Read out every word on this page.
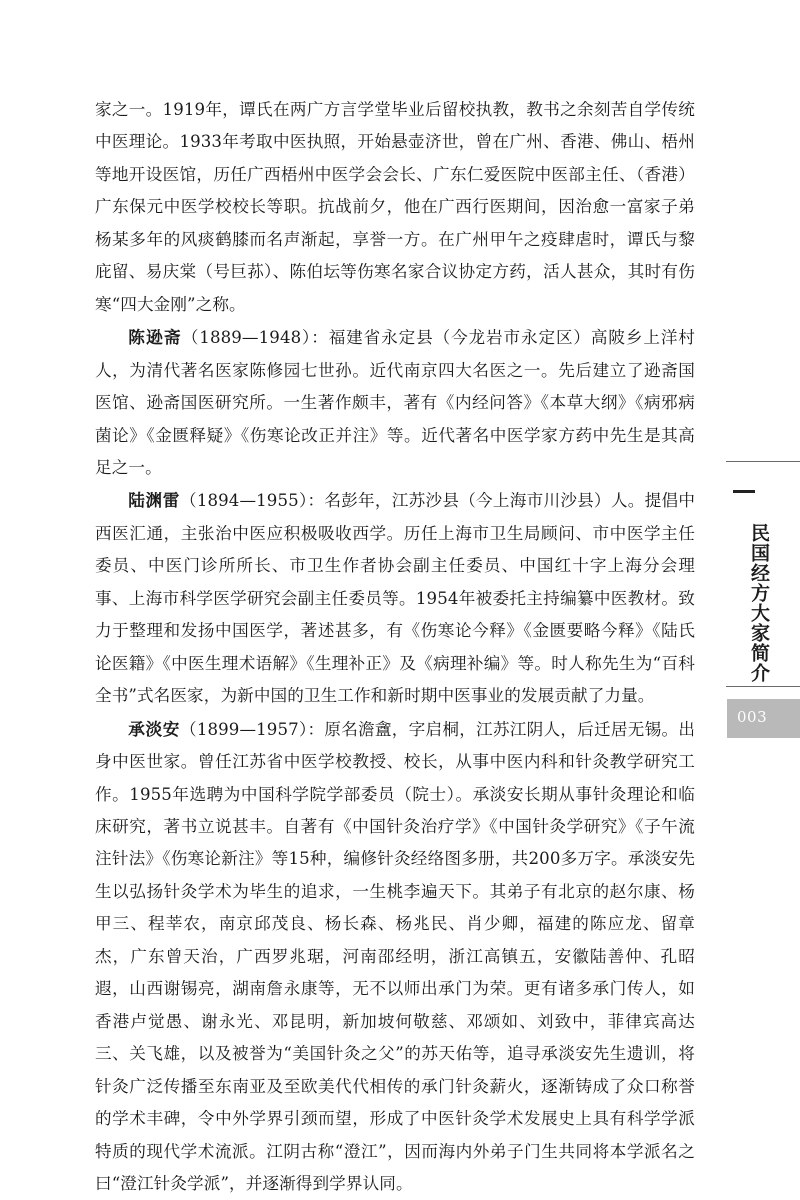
家之一。1919年，谭氏在两广方言学堂毕业后留校执教，教书之余刻苦自学传统中医理论。1933年考取中医执照，开始悬壶济世，曾在广州、香港、佛山、梧州等地开设医馆，历任广西梧州中医学会会长、广东仁爱医院中医部主任、（香港）广东保元中医学校校长等职。抗战前夕，他在广西行医期间，因治愈一富家子弟杨某多年的风痰鹤膝而名声渐起，享誉一方。在广州甲午之疫肆虐时，谭氏与黎庇留、易庆棠（号巨荪）、陈伯坛等伤寒名家合议协定方药，活人甚众，其时有伤寒“四大金刚”之称。

陈逊斋（1889—1948）：福建省永定县（今龙岩市永定区）高陂乡上洋村人，为清代著名医家陈修园七世孙。近代南京四大名医之一。先后建立了逊斋国医馆、逊斋国医研究所。一生著作颇丰，著有《内经问答》《本草大纲》《病邪病菌论》《金匮释疑》《伤寒论改正并注》等。近代著名中医学家方药中先生是其高足之一。

陆渊雷（1894—1955）：名彭年，江苏沙县（今上海市川沙县）人。提倡中西医汇通，主张治中医应积极吸收西学。历任上海市卫生局顾问、市中医学主任委员、中医门诊所所长、市卫生作者协会副主任委员、中国红十字上海分会理事、上海市科学医学研究会副主任委员等。1954年被委托主持编纂中医教材。致力于整理和发扬中国医学，著述甚多，有《伤寒论今释》《金匮要略今释》《陆氏论医籍》《中医生理术语解》《生理补正》及《病理补编》等。时人称先生为“百科全书”式名医家，为新中国的卫生工作和新时期中医事业的发展贡献了力量。

承淡安（1899—1957）：原名澹盦，字启桐，江苏江阴人，后迁居无锡。出身中医世家。曾任江苏省中医学校教授、校长，从事中医内科和针灸教学研究工作。1955年选聘为中国科学院学部委员（院士）。承淡安长期从事针灸理论和临床研究，著书立说甚丰。自著有《中国针灸治疗学》《中国针灸学研究》《子午流注针法》《伤寒论新注》等15种，编修针灸经络图多册，共200多万字。承淡安先生以弘扬针灸学术为毕生的追求，一生桃李遍天下。其弟子有北京的赵尔康、杨甲三、程莘农，南京邱茂良、杨长森、杨兆民、肖少卿，福建的陈应龙、留章杰，广东曾天治，广西罗兆琚，河南邵经明，浙江高镇五，安徽陆善仲、孔昭遐，山西谢锡亮，湖南詹永康等，无不以师出承门为荣。更有诸多承门传人，如香港卢觉愚、谢永光、邓昆明，新加坡何敬慈、邓颂如、刘致中，菲律宾高达三、关飞雄，以及被誉为“美国针灸之父”的苏天佑等，追寻承淡安先生遗训，将针灸广泛传播至东南亚及至欧美代代相传的承门针灸薪火，逐渐铸成了众口称誉的学术丰碑，令中外学界引颈而望，形成了中医针灸学术发展史上具有科学学派特质的现代学术流派。江阴古称“澄江”，因而海内外弟子门生共同将本学派名之曰“澄江针灸学派”，并逐渐得到学界认同。

民国经方大家简介
003
